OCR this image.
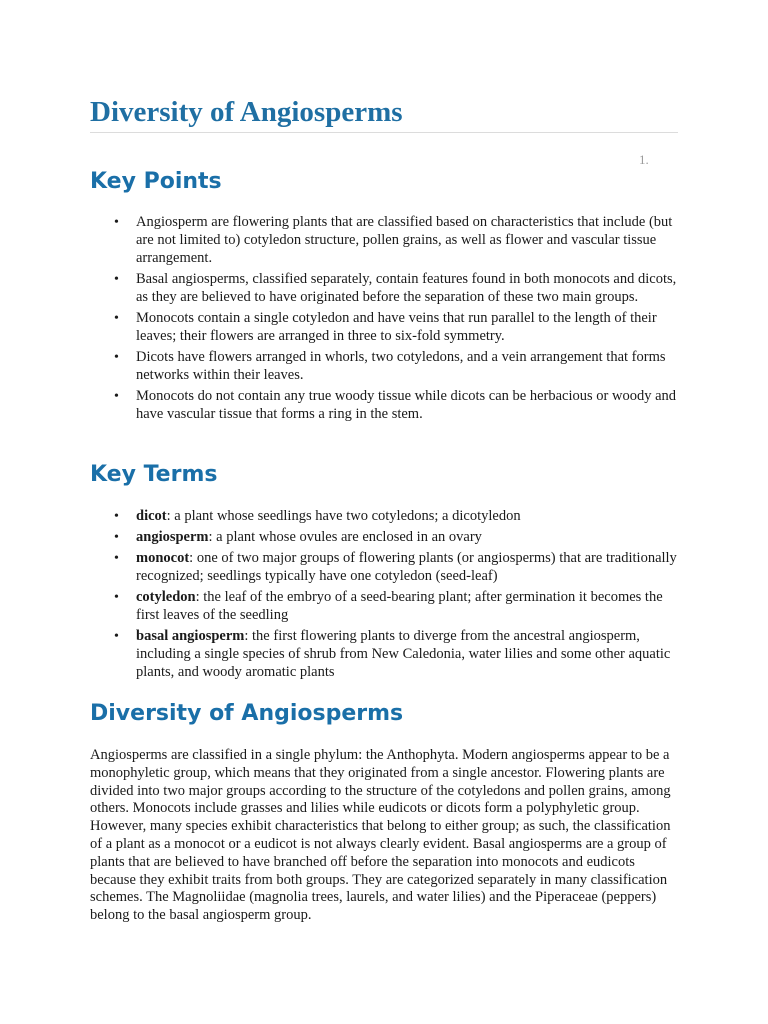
Diversity of Angiosperms
1.
Key Points
• Angiosperm are flowering plants that are classified based on characteristics that include (but are not limited to) cotyledon structure, pollen grains, as well as flower and vascular tissue arrangement.
• Basal angiosperms, classified separately, contain features found in both monocots and dicots, as they are believed to have originated before the separation of these two main groups.
• Monocots contain a single cotyledon and have veins that run parallel to the length of their leaves; their flowers are arranged in three to six-fold symmetry.
• Dicots have flowers arranged in whorls, two cotyledons, and a vein arrangement that forms networks within their leaves.
• Monocots do not contain any true woody tissue while dicots can be herbacious or woody and have vascular tissue that forms a ring in the stem.
Key Terms
• dicot: a plant whose seedlings have two cotyledons; a dicotyledon
• angiosperm: a plant whose ovules are enclosed in an ovary
• monocot: one of two major groups of flowering plants (or angiosperms) that are traditionally recognized; seedlings typically have one cotyledon (seed-leaf)
• cotyledon: the leaf of the embryo of a seed-bearing plant; after germination it becomes the first leaves of the seedling
• basal angiosperm: the first flowering plants to diverge from the ancestral angiosperm, including a single species of shrub from New Caledonia, water lilies and some other aquatic plants, and woody aromatic plants
Diversity of Angiosperms

Angiosperms are classified in a single phylum: the Anthophyta. Modern angiosperms appear to be a monophyletic group, which means that they originated from a single ancestor. Flowering plants are divided into two major groups according to the structure of the cotyledons and pollen grains, among others. Monocots include grasses and lilies while eudicots or dicots form a polyphyletic group. However, many species exhibit characteristics that belong to either group; as such, the classification of a plant as a monocot or a eudicot is not always clearly evident. Basal angiosperms are a group of plants that are believed to have branched off before the separation into monocots and eudicots because they exhibit traits from both groups. They are categorized separately in many classification schemes. The Magnoliidae (magnolia trees, laurels, and water lilies) and the Piperaceae (peppers) belong to the basal angiosperm group.
